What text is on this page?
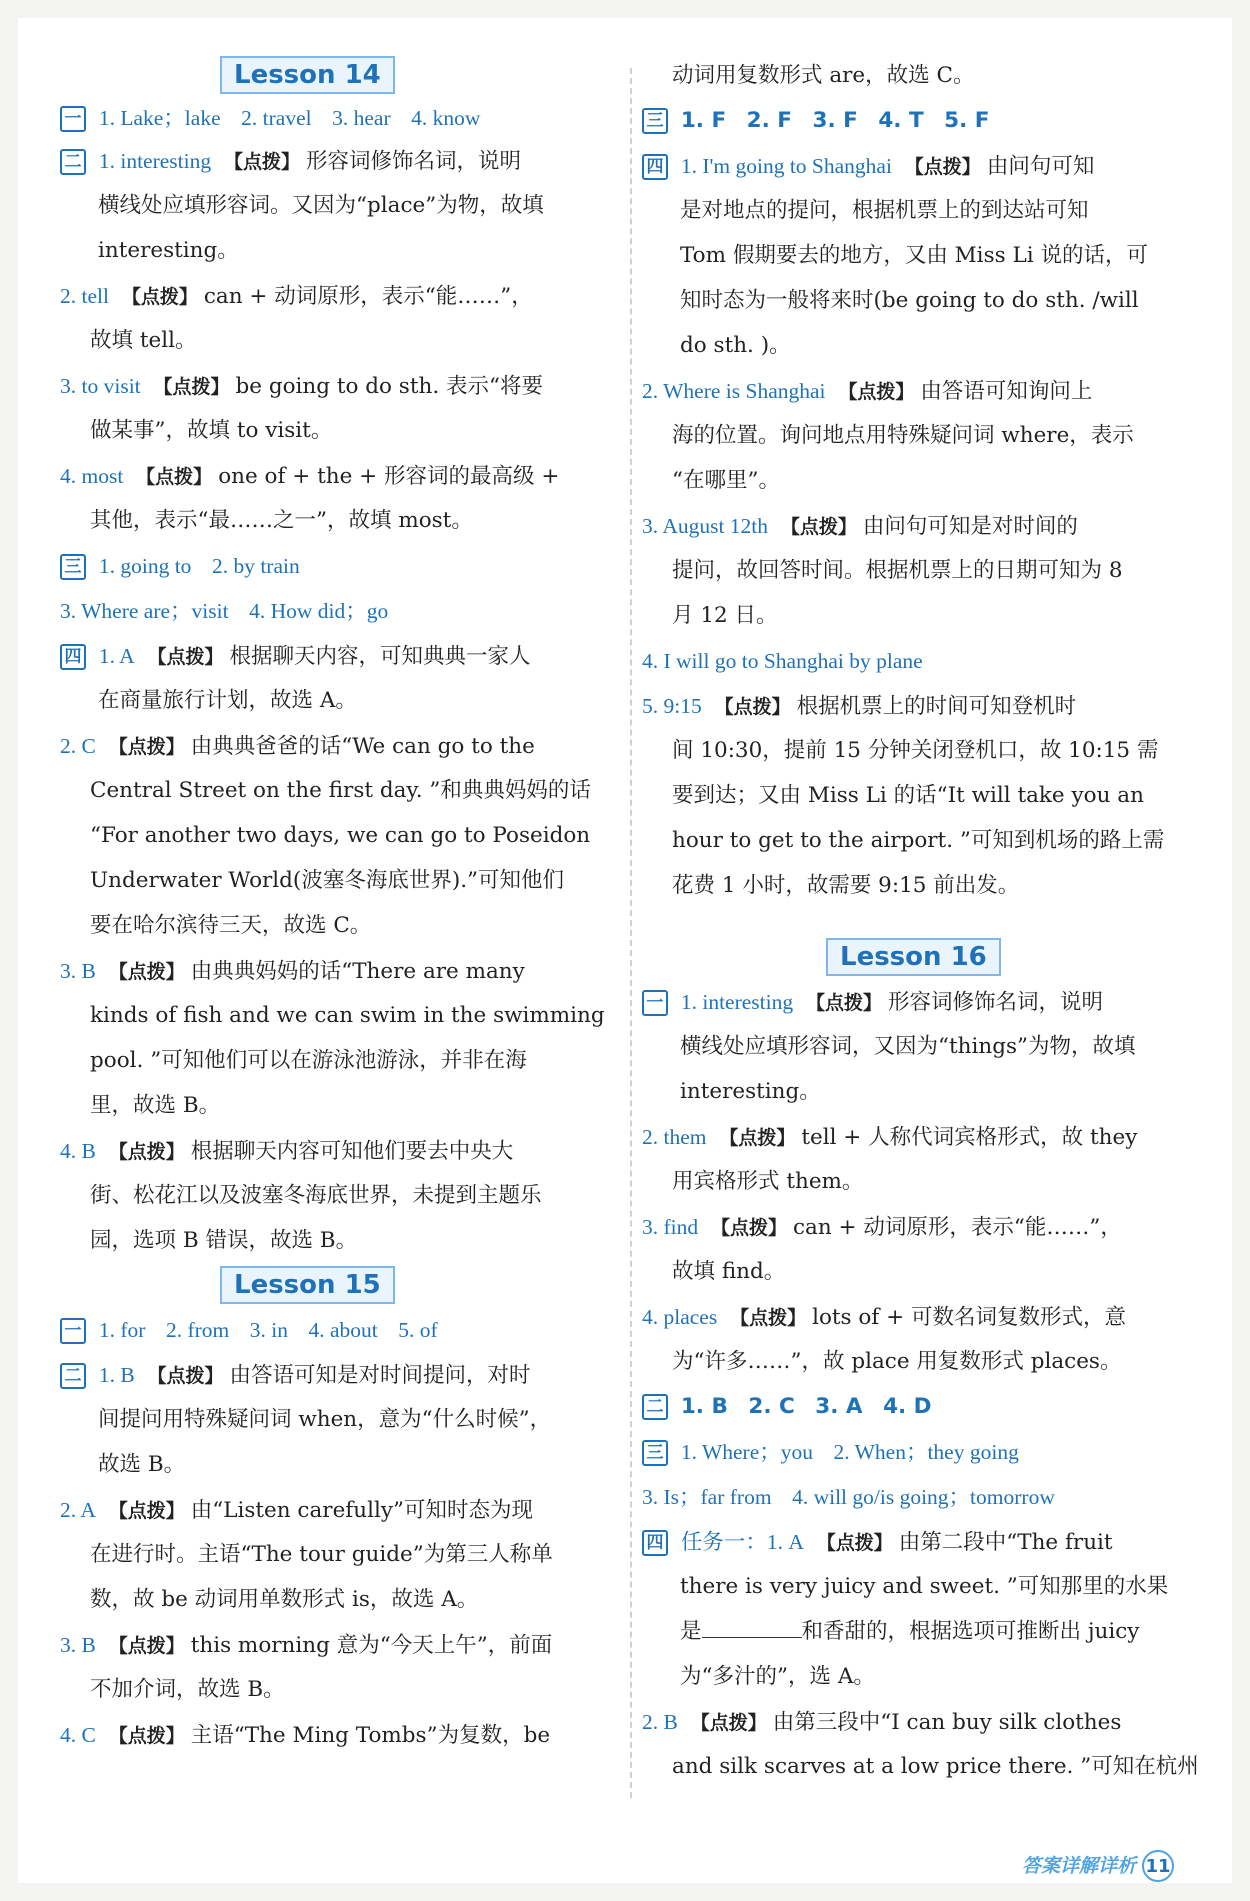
Lesson 14
一 1. Lake；lake 2. travel 3. hear 4. know
二 1. interesting 【点拨】 形容词修饰名词，说明
横线处应填形容词。又因为“place”为物，故填
interesting。
2. tell 【点拨】 can + 动词原形，表示“能……”，
故填 tell。
3. to visit 【点拨】 be going to do sth. 表示“将要
做某事”，故填 to visit。
4. most 【点拨】 one of + the + 形容词的最高级 +
其他，表示“最……之一”，故填 most。
三 1. going to 2. by train
3. Where are；visit 4. How did；go
四 1. A 【点拨】 根据聊天内容，可知典典一家人
在商量旅行计划，故选 A。
2. C 【点拨】 由典典爸爸的话“We can go to the
Central Street on the first day. ”和典典妈妈的话
“For another two days, we can go to Poseidon
Underwater World(波塞冬海底世界).”可知他们
要在哈尔滨待三天，故选 C。
3. B 【点拨】 由典典妈妈的话“There are many
kinds of fish and we can swim in the swimming
pool. ”可知他们可以在游泳池游泳，并非在海
里，故选 B。
4. B 【点拨】 根据聊天内容可知他们要去中央大
街、松花江以及波塞冬海底世界，未提到主题乐
园，选项 B 错误，故选 B。
Lesson 15
一 1. for 2. from 3. in 4. about 5. of
二 1. B 【点拨】 由答语可知是对时间提问，对时
间提问用特殊疑问词 when，意为“什么时候”，
故选 B。
2. A 【点拨】 由“Listen carefully”可知时态为现
在进行时。主语“The tour guide”为第三人称单
数，故 be 动词用单数形式 is，故选 A。
3. B 【点拨】 this morning 意为“今天上午”，前面
不加介词，故选 B。
4. C 【点拨】 主语“The Ming Tombs”为复数，be
动词用复数形式 are，故选 C。
三 1. F 2. F 3. F 4. T 5. F
四 1. I'm going to Shanghai 【点拨】 由问句可知
是对地点的提问，根据机票上的到达站可知
Tom 假期要去的地方，又由 Miss Li 说的话，可
知时态为一般将来时(be going to do sth. /will
do sth. )。
2. Where is Shanghai 【点拨】 由答语可知询问上
海的位置。询问地点用特殊疑问词 where，表示
“在哪里”。
3. August 12th 【点拨】 由问句可知是对时间的
提问，故回答时间。根据机票上的日期可知为 8
月 12 日。
4. I will go to Shanghai by plane
5. 9:15 【点拨】 根据机票上的时间可知登机时
间 10:30，提前 15 分钟关闭登机口，故 10:15 需
要到达；又由 Miss Li 的话“It will take you an
hour to get to the airport. ”可知到机场的路上需
花费 1 小时，故需要 9:15 前出发。
Lesson 16
一 1. interesting 【点拨】 形容词修饰名词，说明
横线处应填形容词，又因为“things”为物，故填
interesting。
2. them 【点拨】 tell + 人称代词宾格形式，故 they
用宾格形式 them。
3. find 【点拨】 can + 动词原形，表示“能……”，
故填 find。
4. places 【点拨】 lots of + 可数名词复数形式，意
为“许多……”，故 place 用复数形式 places。
二 1. B 2. C 3. A 4. D
三 1. Where；you 2. When；they going
3. Is；far from 4. will go/is going；tomorrow
四 任务一：1. A 【点拨】 由第二段中“The fruit
there is very juicy and sweet. ”可知那里的水果
是	和香甜的，根据选项可推断出 juicy
为“多汁的”，选 A。
2. B 【点拨】 由第三段中“I can buy silk clothes
and silk scarves at a low price there. ”可知在杭州
答案详解详析 11
